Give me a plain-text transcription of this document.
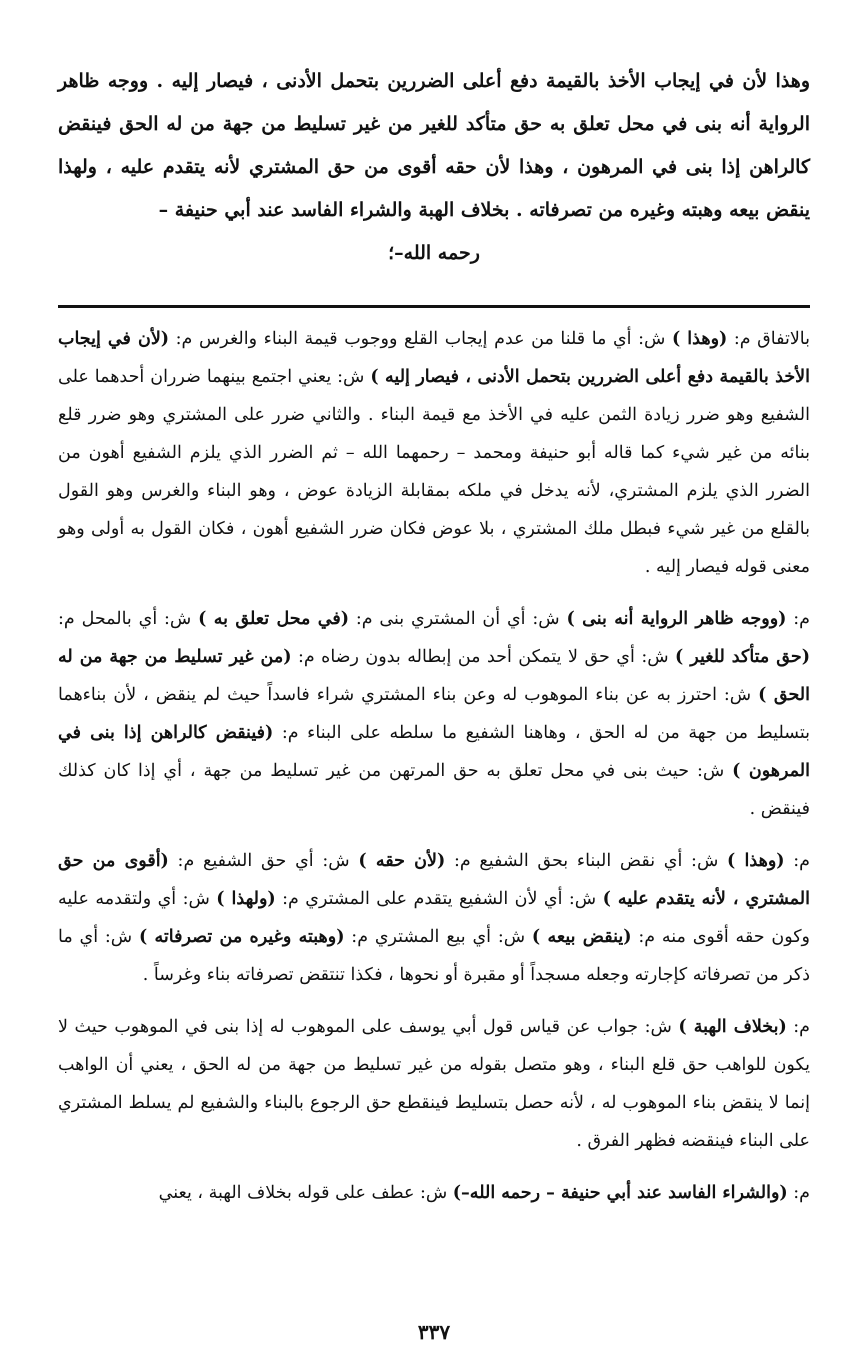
وهذا لأن في إيجاب الأخذ بالقيمة دفع أعلى الضررين بتحمل الأدنى ، فيصار إليه . ووجه ظاهر الرواية أنه بنى في محل تعلق به حق متأكد للغير من غير تسليط من جهة من له الحق فينقض كالراهن إذا بنى في المرهون ، وهذا لأن حقه أقوى من حق المشتري لأنه يتقدم عليه ، ولهذا ينقض بيعه وهبته وغيره من تصرفاته . بخلاف الهبة والشراء الفاسد عند أبي حنيفة –
رحمه الله–؛

بالاتفاق م: (وهذا ) ش: أي ما قلنا من عدم إيجاب القلع ووجوب قيمة البناء والغرس م: (لأن في إيجاب الأخذ بالقيمة دفع أعلى الضررين بتحمل الأدنى ، فيصار إليه ) ش: يعني اجتمع بينهما ضرران أحدهما على الشفيع وهو ضرر زيادة الثمن عليه في الأخذ مع قيمة البناء . والثاني ضرر على المشتري وهو ضرر قلع بنائه من غير شيء كما قاله أبو حنيفة ومحمد – رحمهما الله – ثم الضرر الذي يلزم الشفيع أهون من الضرر الذي يلزم المشتري، لأنه يدخل في ملكه بمقابلة الزيادة عوض ، وهو البناء والغرس وهو القول بالقلع من غير شيء فبطل ملك المشتري ، بلا عوض فكان ضرر الشفيع أهون ، فكان القول به أولى وهو معنى قوله فيصار إليه .

م: (ووجه ظاهر الرواية أنه بنى ) ش: أي أن المشتري بنى م: (في محل تعلق به ) ش: أي بالمحل م: (حق متأكد للغير ) ش: أي حق لا يتمكن أحد من إبطاله بدون رضاه م: (من غير تسليط من جهة من له الحق ) ش: احترز به عن بناء الموهوب له وعن بناء المشتري شراء فاسداً حيث لم ينقض ، لأن بناءهما بتسليط من جهة من له الحق ، وهاهنا الشفيع ما سلطه على البناء م: (فينقض كالراهن إذا بنى في المرهون ) ش: حيث بنى في محل تعلق به حق المرتهن من غير تسليط من جهة ، أي إذا كان كذلك فينقض .

م: (وهذا ) ش: أي نقض البناء بحق الشفيع م: (لأن حقه ) ش: أي حق الشفيع م: (أقوى من حق المشتري ، لأنه يتقدم عليه ) ش: أي لأن الشفيع يتقدم على المشتري م: (ولهذا ) ش: أي ولتقدمه عليه وكون حقه أقوى منه م: (ينقض بيعه ) ش: أي بيع المشتري م: (وهبته وغيره من تصرفاته ) ش: أي ما ذكر من تصرفاته كإجارته وجعله مسجداً أو مقبرة أو نحوها ، فكذا تنتقض تصرفاته بناء وغرساً .

م: (بخلاف الهبة ) ش: جواب عن قياس قول أبي يوسف على الموهوب له إذا بنى في الموهوب حيث لا يكون للواهب حق قلع البناء ، وهو متصل بقوله من غير تسليط من جهة من له الحق ، يعني أن الواهب إنما لا ينقض بناء الموهوب له ، لأنه حصل بتسليط فينقطع حق الرجوع بالبناء والشفيع لم يسلط المشتري على البناء فينقضه فظهر الفرق .

م: (والشراء الفاسد عند أبي حنيفة – رحمه الله–) ش: عطف على قوله بخلاف الهبة ، يعني

٣٣٧
